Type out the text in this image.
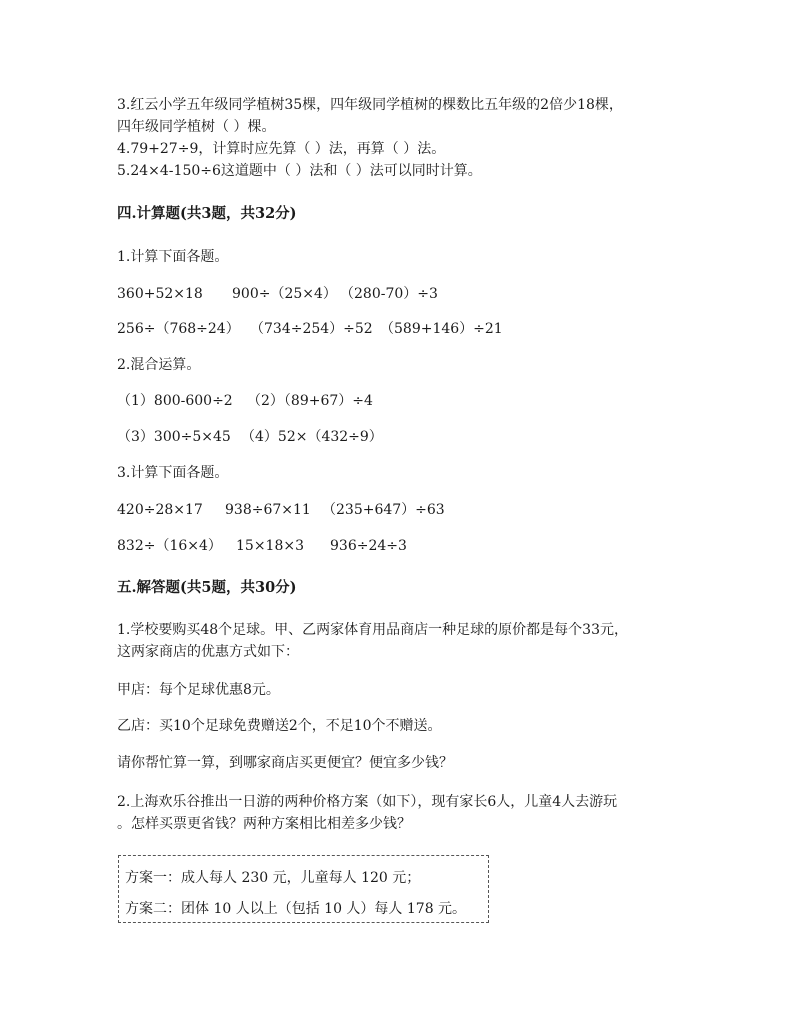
3.红云小学五年级同学植树35棵，四年级同学植树的棵数比五年级的2倍少18棵，
四年级同学植树（ ）棵。
4.79+27÷9，计算时应先算（ ）法，再算（ ）法。
5.24×4-150÷6这道题中（ ）法和（ ）法可以同时计算。
四.计算题(共3题，共32分)
1.计算下面各题。
360+52×18 900÷（25×4） （280-70）÷3
256÷（768÷24） （734÷254）÷52 （589+146）÷21
2.混合运算。
（1）800-600÷2 （2）（89+67）÷4
（3）300÷5×45 （4）52×（432÷9）
3.计算下面各题。
420÷28×17 938÷67×11 （235+647）÷63
832÷（16×4） 15×18×3 936÷24÷3
五.解答题(共5题，共30分)
1.学校要购买48个足球。甲、乙两家体育用品商店一种足球的原价都是每个33元，
这两家商店的优惠方式如下：
甲店：每个足球优惠8元。
乙店：买10个足球免费赠送2个，不足10个不赠送。
请你帮忙算一算，到哪家商店买更便宜？便宜多少钱？
2.上海欢乐谷推出一日游的两种价格方案（如下），现有家长6人，儿童4人去游玩
。怎样买票更省钱？两种方案相比相差多少钱？
方案一：成人每人 230 元，儿童每人 120 元；
方案二：团体 10 人以上（包括 10 人）每人 178 元。
